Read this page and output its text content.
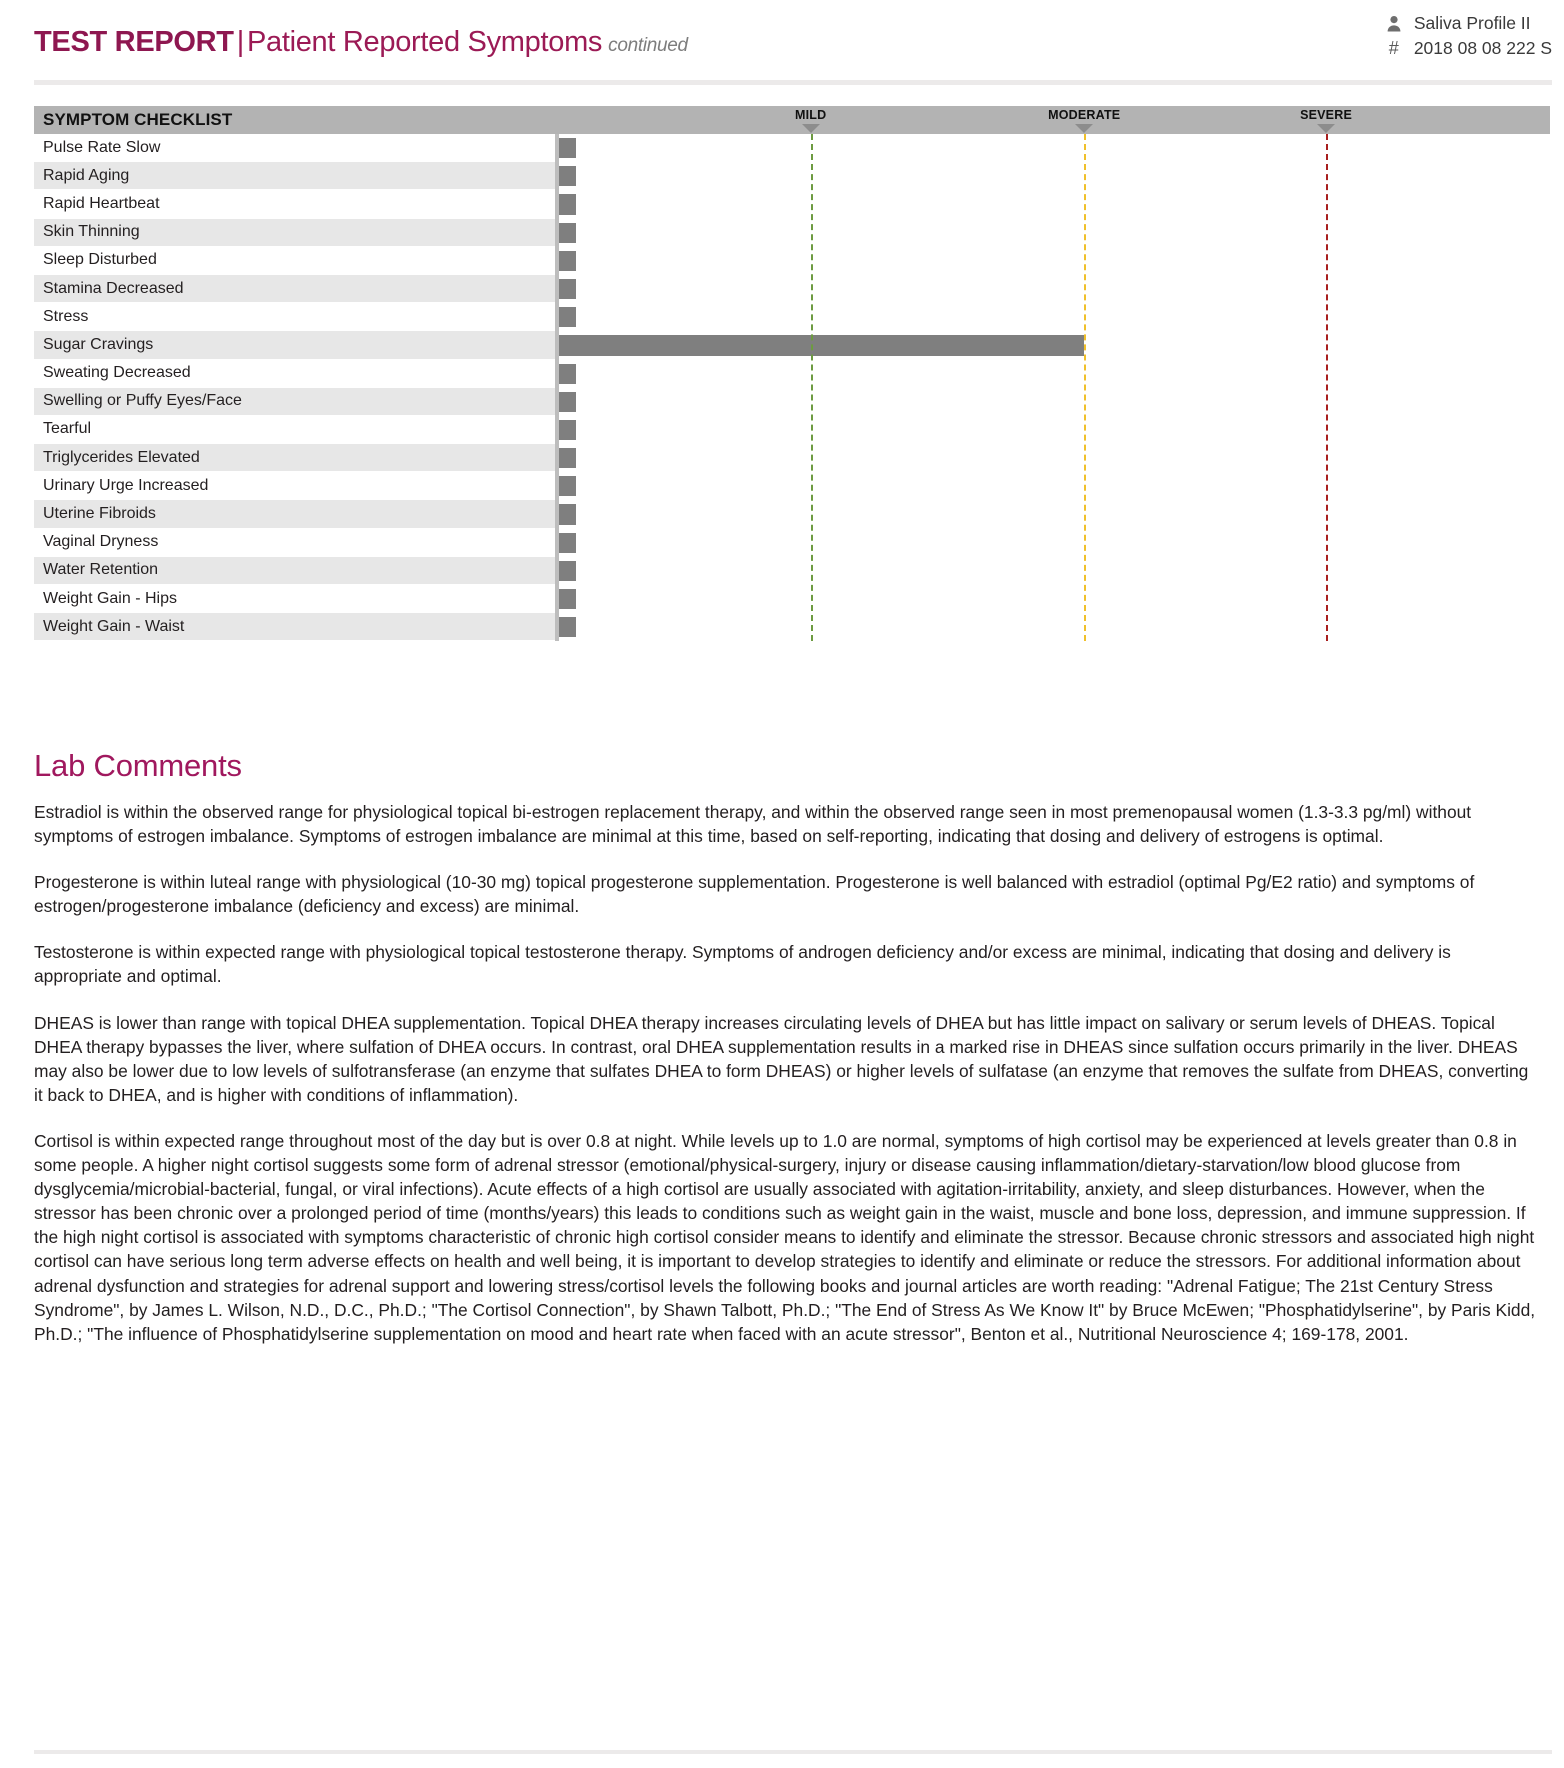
TEST REPORT | Patient Reported Symptoms continued
Saliva Profile II
# 2018 08 08 222 S
SYMPTOM CHECKLIST	MILD	MODERATE	SEVERE
Pulse Rate Slow
Rapid Aging
Rapid Heartbeat
Skin Thinning
Sleep Disturbed
Stamina Decreased
Stress
Sugar Cravings
Sweating Decreased
Swelling or Puffy Eyes/Face
Tearful
Triglycerides Elevated
Urinary Urge Increased
Uterine Fibroids
Vaginal Dryness
Water Retention
Weight Gain - Hips
Weight Gain - Waist
Lab Comments

Estradiol is within the observed range for physiological topical bi-estrogen replacement therapy, and within the observed range seen in most premenopausal women (1.3-3.3 pg/ml) without symptoms of estrogen imbalance. Symptoms of estrogen imbalance are minimal at this time, based on self-reporting, indicating that dosing and delivery of estrogens is optimal.

Progesterone is within luteal range with physiological (10-30 mg) topical progesterone supplementation. Progesterone is well balanced with estradiol (optimal Pg/E2 ratio) and symptoms of estrogen/progesterone imbalance (deficiency and excess) are minimal.

Testosterone is within expected range with physiological topical testosterone therapy. Symptoms of androgen deficiency and/or excess are minimal, indicating that dosing and delivery is appropriate and optimal.

DHEAS is lower than range with topical DHEA supplementation. Topical DHEA therapy increases circulating levels of DHEA but has little impact on salivary or serum levels of DHEAS. Topical DHEA therapy bypasses the liver, where sulfation of DHEA occurs. In contrast, oral DHEA supplementation results in a marked rise in DHEAS since sulfation occurs primarily in the liver. DHEAS may also be lower due to low levels of sulfotransferase (an enzyme that sulfates DHEA to form DHEAS) or higher levels of sulfatase (an enzyme that removes the sulfate from DHEAS, converting it back to DHEA, and is higher with conditions of inflammation).

Cortisol is within expected range throughout most of the day but is over 0.8 at night. While levels up to 1.0 are normal, symptoms of high cortisol may be experienced at levels greater than 0.8 in some people. A higher night cortisol suggests some form of adrenal stressor (emotional/physical-surgery, injury or disease causing inflammation/dietary-starvation/low blood glucose from dysglycemia/microbial-bacterial, fungal, or viral infections). Acute effects of a high cortisol are usually associated with agitation-irritability, anxiety, and sleep disturbances. However, when the stressor has been chronic over a prolonged period of time (months/years) this leads to conditions such as weight gain in the waist, muscle and bone loss, depression, and immune suppression. If the high night cortisol is associated with symptoms characteristic of chronic high cortisol consider means to identify and eliminate the stressor. Because chronic stressors and associated high night cortisol can have serious long term adverse effects on health and well being, it is important to develop strategies to identify and eliminate or reduce the stressors. For additional information about adrenal dysfunction and strategies for adrenal support and lowering stress/cortisol levels the following books and journal articles are worth reading: "Adrenal Fatigue; The 21st Century Stress Syndrome", by James L. Wilson, N.D., D.C., Ph.D.; "The Cortisol Connection", by Shawn Talbott, Ph.D.; "The End of Stress As We Know It" by Bruce McEwen; "Phosphatidylserine", by Paris Kidd, Ph.D.; "The influence of Phosphatidylserine supplementation on mood and heart rate when faced with an acute stressor", Benton et al., Nutritional Neuroscience 4; 169-178, 2001.
